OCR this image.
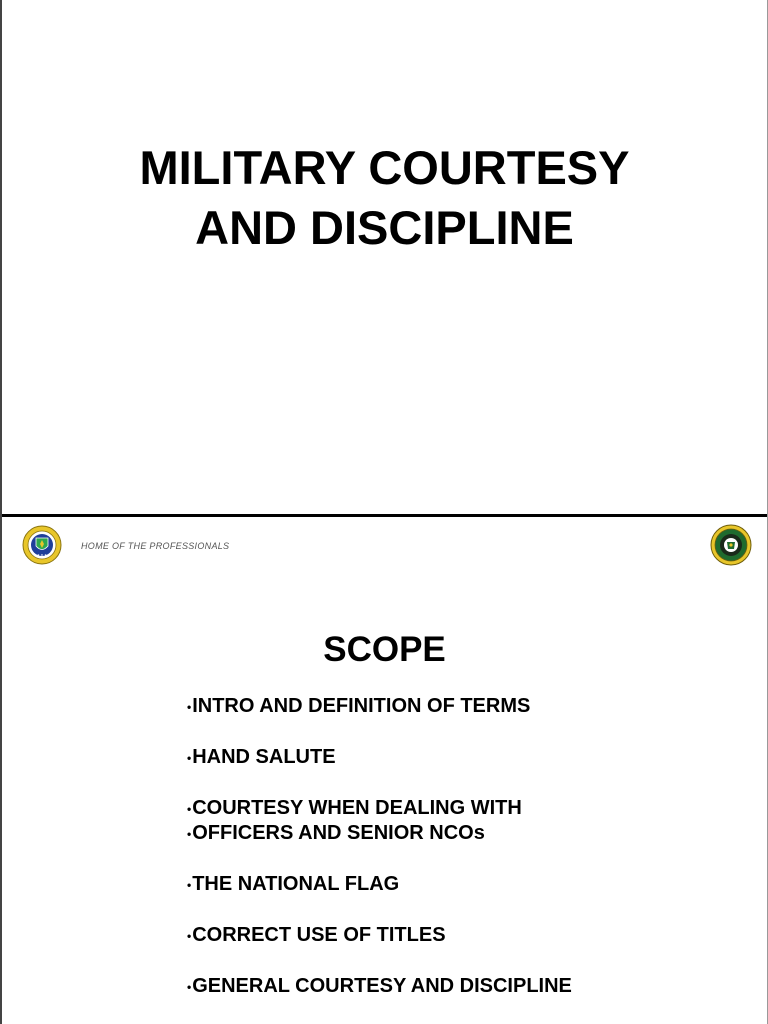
MILITARY COURTESY
AND DISCIPLINE
★ ★ ★
HOME OF THE PROFESSIONALS
SCOPE
•INTRO AND DEFINITION OF TERMS
•HAND SALUTE
•COURTESY WHEN DEALING WITH
•OFFICERS AND SENIOR NCOs
•THE NATIONAL FLAG
•CORRECT USE OF TITLES
•GENERAL COURTESY AND DISCIPLINE
